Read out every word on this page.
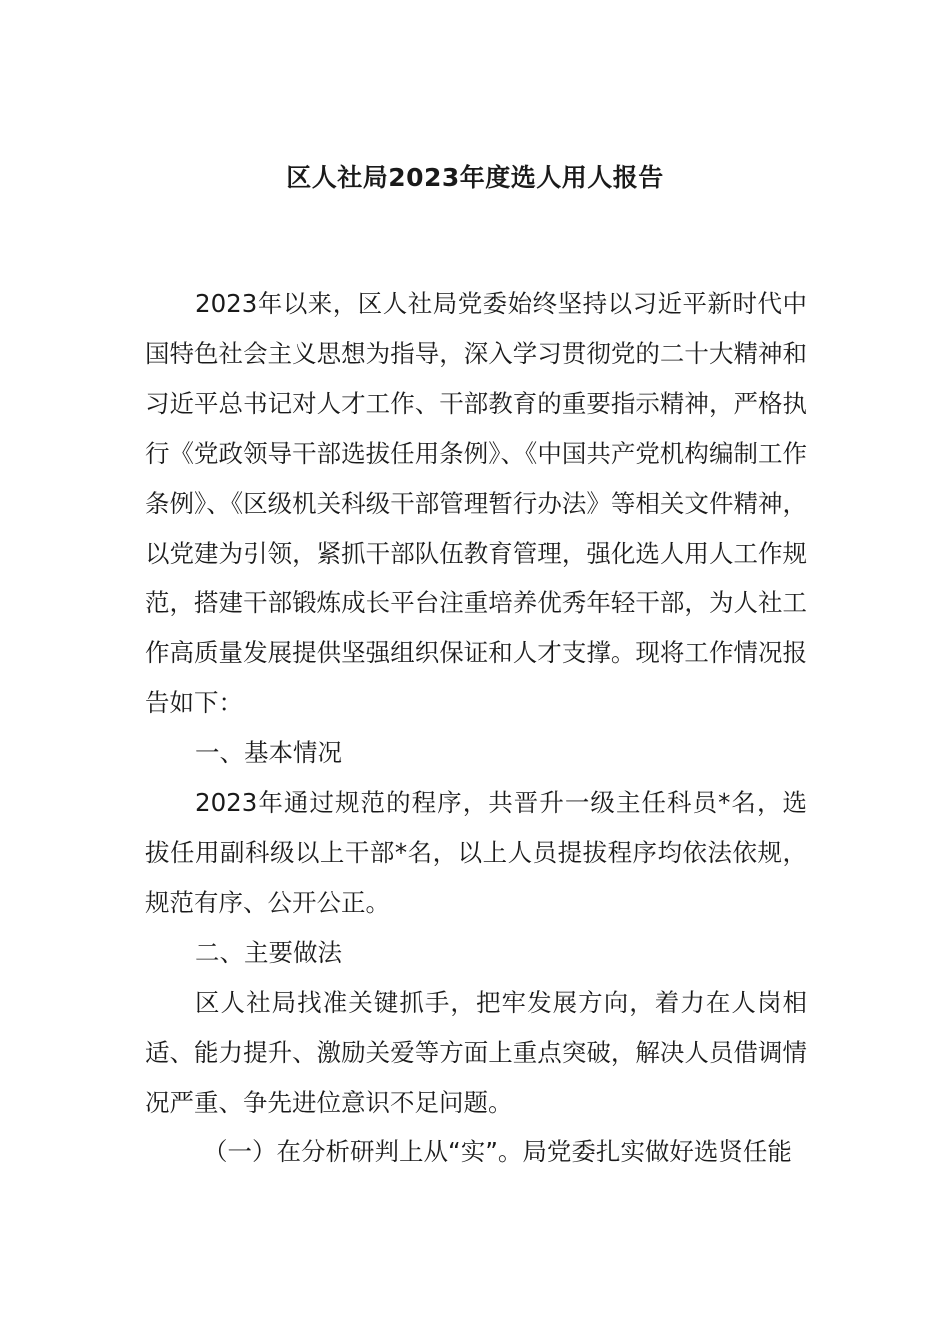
区人社局2023年度选人用人报告

2023年以来，区人社局党委始终坚持以习近平新时代中国特色社会主义思想为指导，深入学习贯彻党的二十大精神和习近平总书记对人才工作、干部教育的重要指示精神，严格执行《党政领导干部选拔任用条例》、《中国共产党机构编制工作条例》、《区级机关科级干部管理暂行办法》等相关文件精神，以党建为引领，紧抓干部队伍教育管理，强化选人用人工作规范，搭建干部锻炼成长平台注重培养优秀年轻干部，为人社工作高质量发展提供坚强组织保证和人才支撑。现将工作情况报告如下：

一、基本情况

2023年通过规范的程序，共晋升一级主任科员*名，选拔任用副科级以上干部*名，以上人员提拔程序均依法依规，规范有序、公开公正。

二、主要做法

区人社局找准关键抓手，把牢发展方向，着力在人岗相适、能力提升、激励关爱等方面上重点突破，解决人员借调情况严重、争先进位意识不足问题。

（一）在分析研判上从“实”。局党委扎实做好选贤任能
